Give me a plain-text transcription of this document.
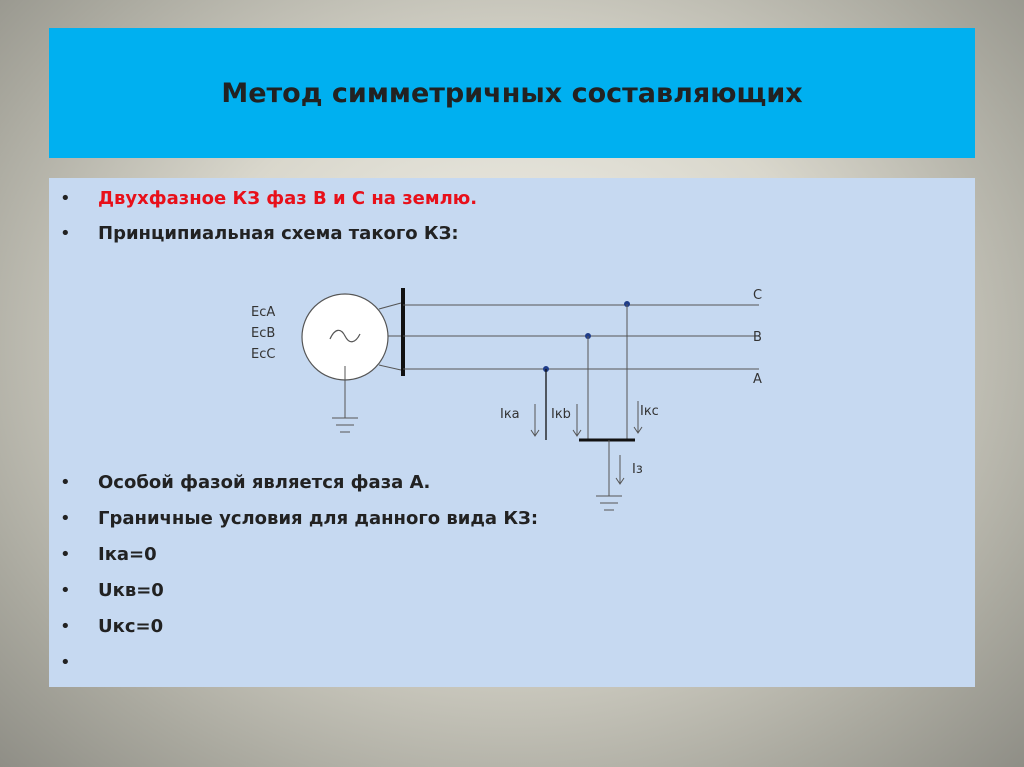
Метод симметричных составляющих
• Двухфазное КЗ фаз В и С на землю.
• Принципиальная схема такого КЗ:
EcA
EcB
EcC
C
B
A
Iкa Iкb	Iкc
Iз
• Особой фазой является фаза А.
• Граничные условия для данного вида КЗ:
• Iка=0
• Uкв=0
• Uкс=0
•
